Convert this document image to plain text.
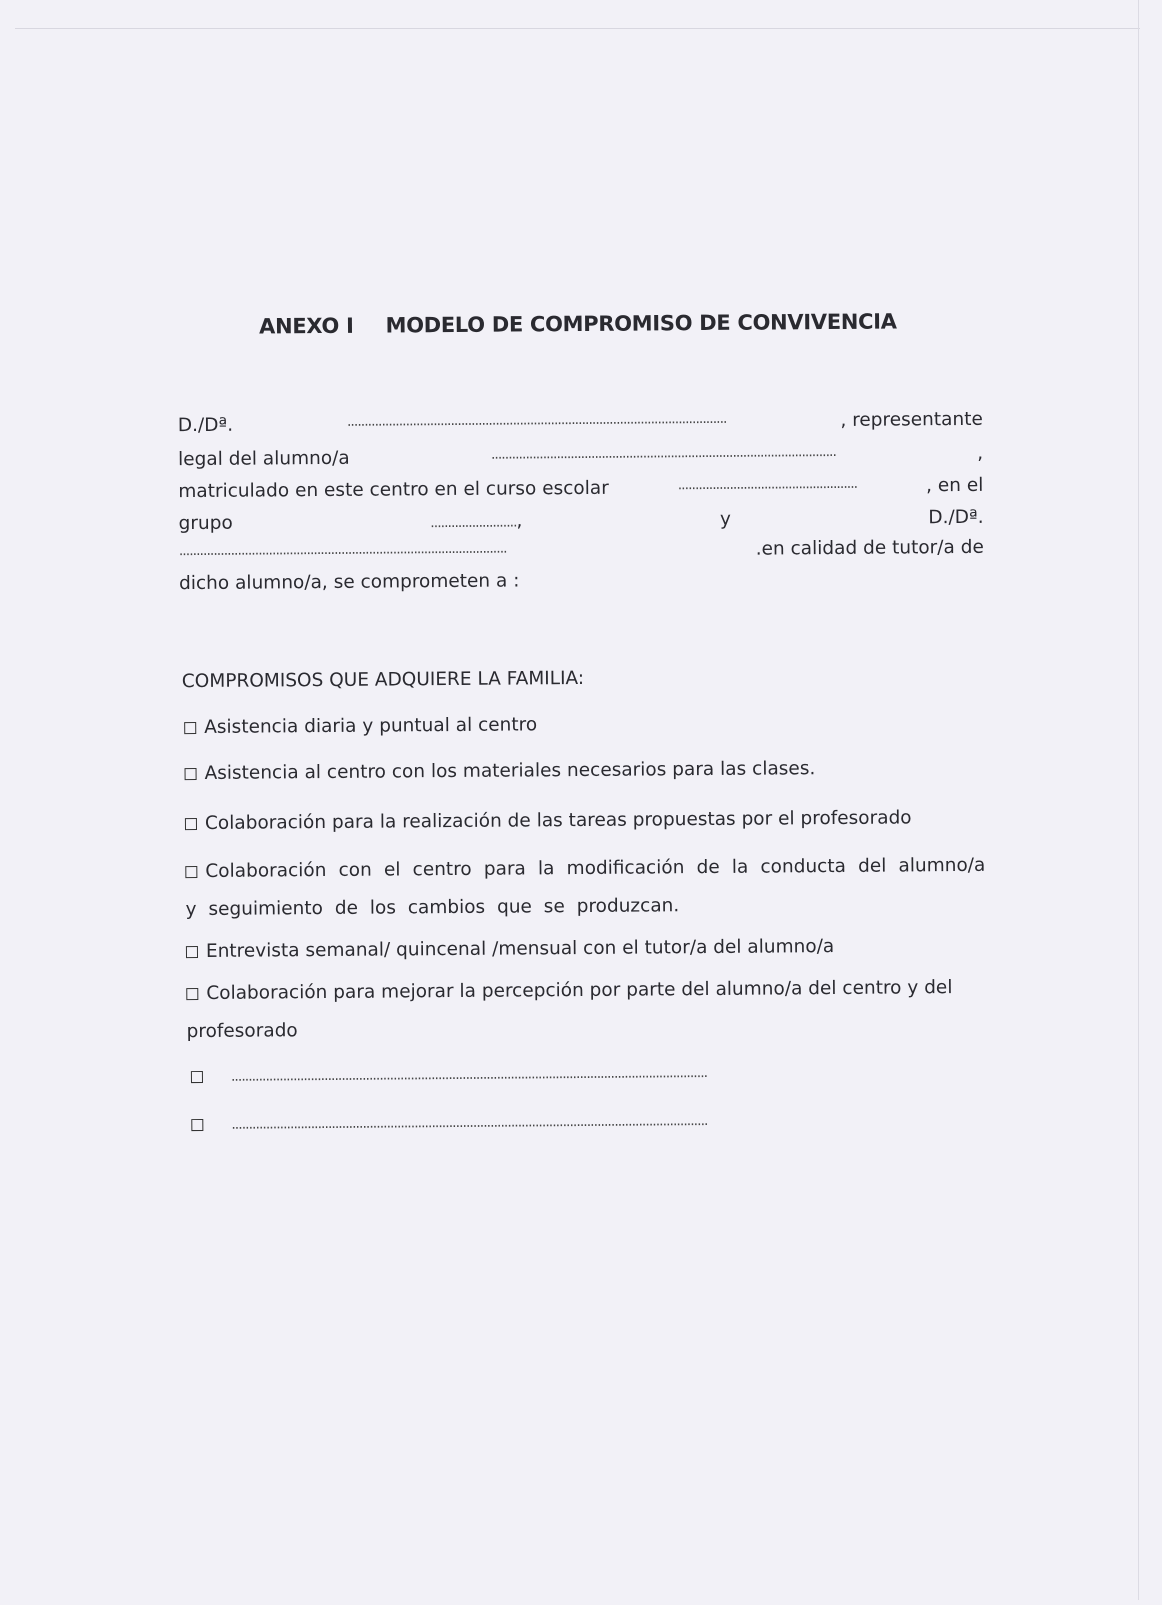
ANEXO I MODELO DE COMPROMISO DE CONVIVENCIA
D./Dª.	..............................................................................................................	, representante
legal del alumno/a	....................................................................................................	,
matriculado en este centro en el curso escolar	....................................................	, en el
grupo	.........................,	y	D./Dª.
...............................................................................................	.en calidad de tutor/a de
dicho alumno/a, se comprometen a :
COMPROMISOS QUE ADQUIERE LA FAMILIA:
Asistencia diaria y puntual al centro
Asistencia al centro con los materiales necesarios para las clases.
Colaboración para la realización de las tareas propuestas por el profesorado
Colaboración con el centro para la modificación de la conducta del alumno/a y seguimiento de los cambios que se produzcan.
Entrevista semanal/ quincenal /mensual con el tutor/a del alumno/a
Colaboración para mejorar la percepción por parte del alumno/a del centro y del profesorado
..........................................................................................................................................
..........................................................................................................................................
